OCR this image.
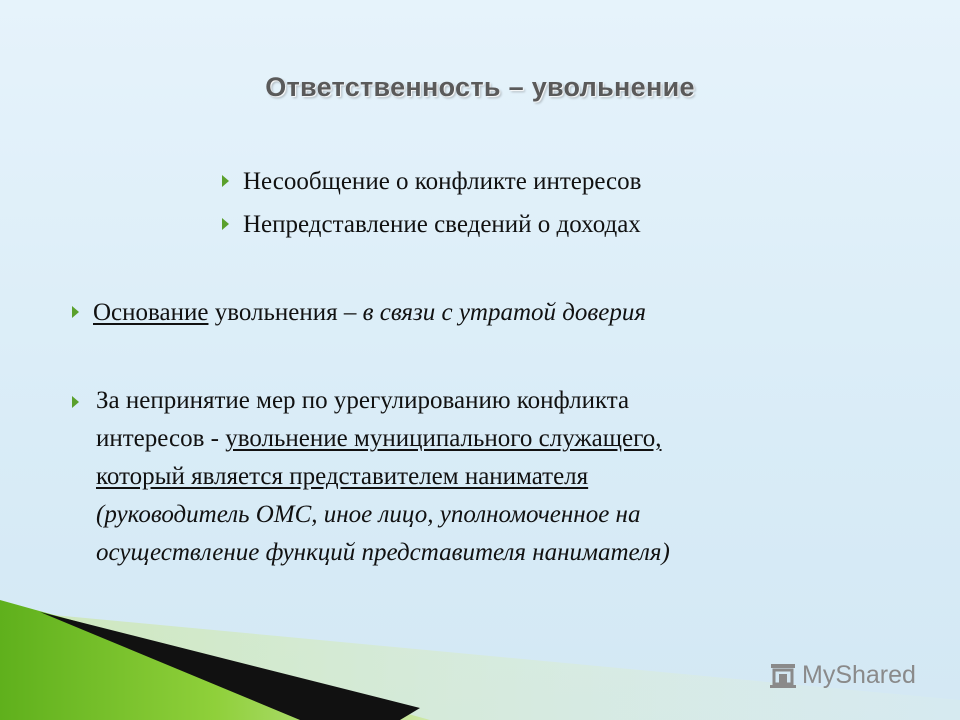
Ответственность – увольнение
Несообщение о конфликте интересов
Непредставление сведений о доходах
Основание увольнения – в связи с утратой доверия
За непринятие мер по урегулированию конфликта
интересов - увольнение муниципального служащего,
который является представителем нанимателя
(руководитель ОМС, иное лицо, уполномоченное на
осуществление функций представителя нанимателя)
MyShared
